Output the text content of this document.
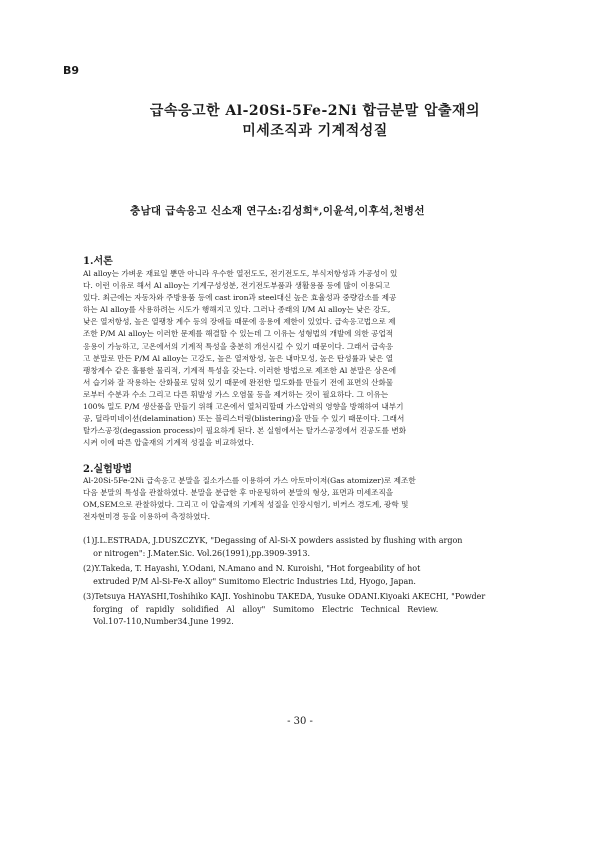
B9
급속응고한 Al-20Si-5Fe-2Ni 합금분말 압출재의
미세조직과 기계적성질
충남대 급속응고 신소재 연구소:김성희*,이윤석,이후석,천병선
1.서론
Al alloy는 가벼운 재료일 뿐만 아니라 우수한 열전도도, 전기전도도, 부식저항성과 가공성이 있
다. 이런 이유로 해서 Al alloy는 기계구성성분, 전기전도부품과 생활용품 등에 많이 이용되고
있다. 최근에는 자동차와 주방용품 등에 cast iron과 steel대신 높은 효율성과 중량감소를 제공
하는 Al alloy를 사용하려는 시도가 행해지고 있다. 그러나 종래의 I/M Al alloy는 낮은 강도,
낮은 열저항성, 높은 열팽창 계수 등의 장애들 때문에 응용에 제한이 있었다. 급속응고법으로 제
조한 P/M Al alloy는 이러한 문제를 해결할 수 있는데 그 이유는 성형법의 개발에 의한 공업적
응용이 가능하고, 고온에서의 기계적 특성을 충분히 개선시킬 수 있기 때문이다. 그래서 급속응
고 분말로 만든 P/M Al alloy는 고강도, 높은 열저항성, 높은 내마모성, 높은 탄성률과 낮은 열
팽창계수 같은 훌륭한 물리적, 기계적 특성을 갖는다. 이러한 방법으로 제조한 Al 분말은 상온에
서 습기와 잘 작용하는 산화물로 덮혀 있기 때문에 완전한 밀도화를 만들기 전에 표면의 산화물
로부터 수분과 수소 그리고 다른 휘발성 가스 오염물 등을 제거하는 것이 필요하다. 그 이유는
100% 밀도 P/M 생산품을 만들기 위해 고온에서 열처리할때 가스압력의 영향을 방해하여 내부기
공, 딜라미네이션(delamination) 또는 블리스터링(blistering)을 만들 수 있기 때문이다. 그래서
탈가스공정(degassion process)이 필요하게 된다. 본 실험에서는 탈가스공정에서 진공도를 변화
시켜 이에 따른 압출재의 기계적 성질을 비교하였다.
2.실험방법
Al-20Si-5Fe-2Ni 급속응고 분말을 질소가스를 이용하여 가스 아토마이저(Gas atomizer)로 제조한
다음 분말의 특성을 관찰하였다. 분말을 분급한 후 마운팅하여 분말의 형상, 표면과 미세조직을
OM,SEM으로 관찰하였다. 그리고 이 압출재의 기계적 성질을 인장시험기, 비커스 경도계, 광학 및
전자현미경 등을 이용하여 측정하였다.
(1)J.L.ESTRADA, J.DUSZCZYK, "Degassing of Al-Si-X powders assisted by flushing with argon
or nitrogen": J.Mater.Sic. Vol.26(1991),pp.3909-3913.
(2)Y.Takeda, T. Hayashi, Y.Odani, N.Amano and N. Kuroishi, "Hot forgeability of hot
extruded P/M Al-Si-Fe-X alloy" Sumitomo Electric Industries Ltd, Hyogo, Japan.
(3)Tetsuya HAYASHI,Toshihiko KAJI. Yoshinobu TAKEDA, Yusuke ODANI.Kiyoaki AKECHI, "Powder
forging   of   rapidly   solidified   Al   alloy"   Sumitomo   Electric   Technical   Review.
Vol.107-110,Number34.June 1992.
- 30 -
